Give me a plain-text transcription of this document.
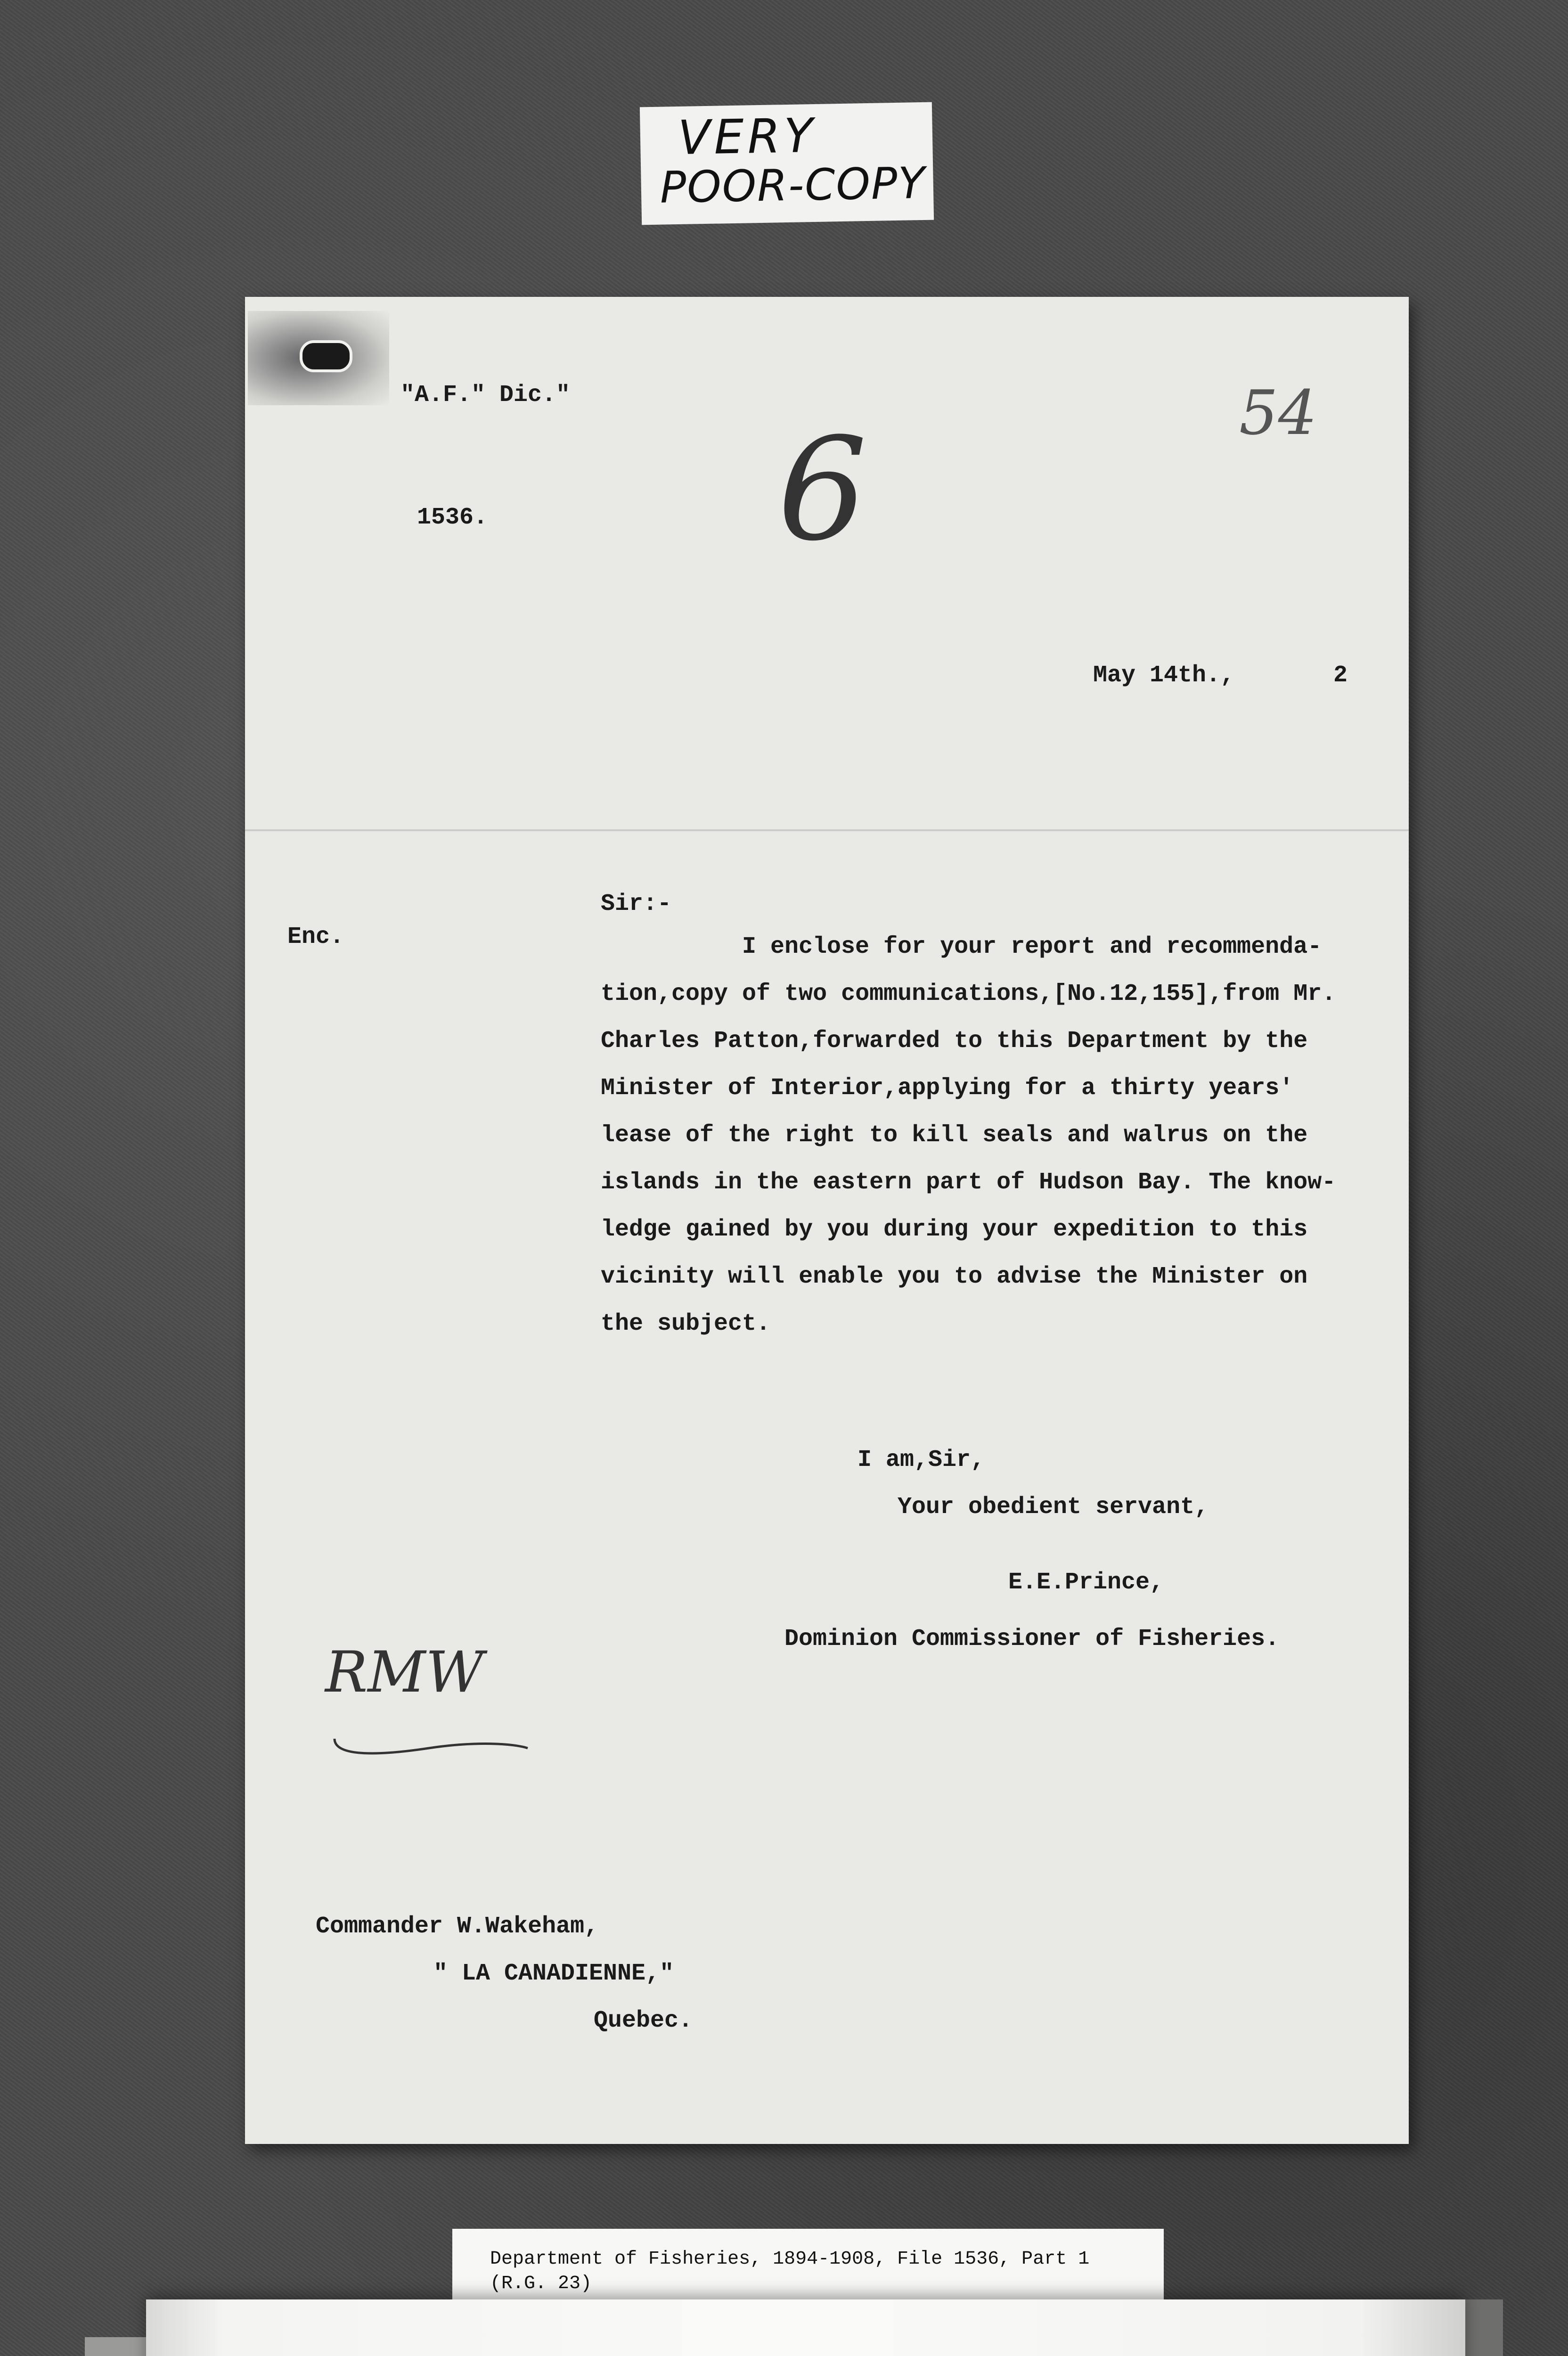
VERY
POOR-COPY
"A.F." Dic."
1536. 6	54
May 14th.,	2
Enc.
Sir:-
I enclose for your report and recommenda-
tion,copy of two communications,[No.12,155],from Mr.
Charles Patton,forwarded to this Department by the
Minister of Interior,applying for a thirty years'
lease of the right to kill seals and walrus on the
islands in the eastern part of Hudson Bay. The know-
ledge gained by you during your expedition to this
vicinity will enable you to advise the Minister on
the subject.
I am,Sir,
Your obedient servant,
E.E.Prince,
Dominion Commissioner of Fisheries.
RMW
Commander W.Wakeham,
" LA CANADIENNE,"
Quebec.
Department of Fisheries, 1894-1908, File 1536, Part 1
(R.G. 23)
